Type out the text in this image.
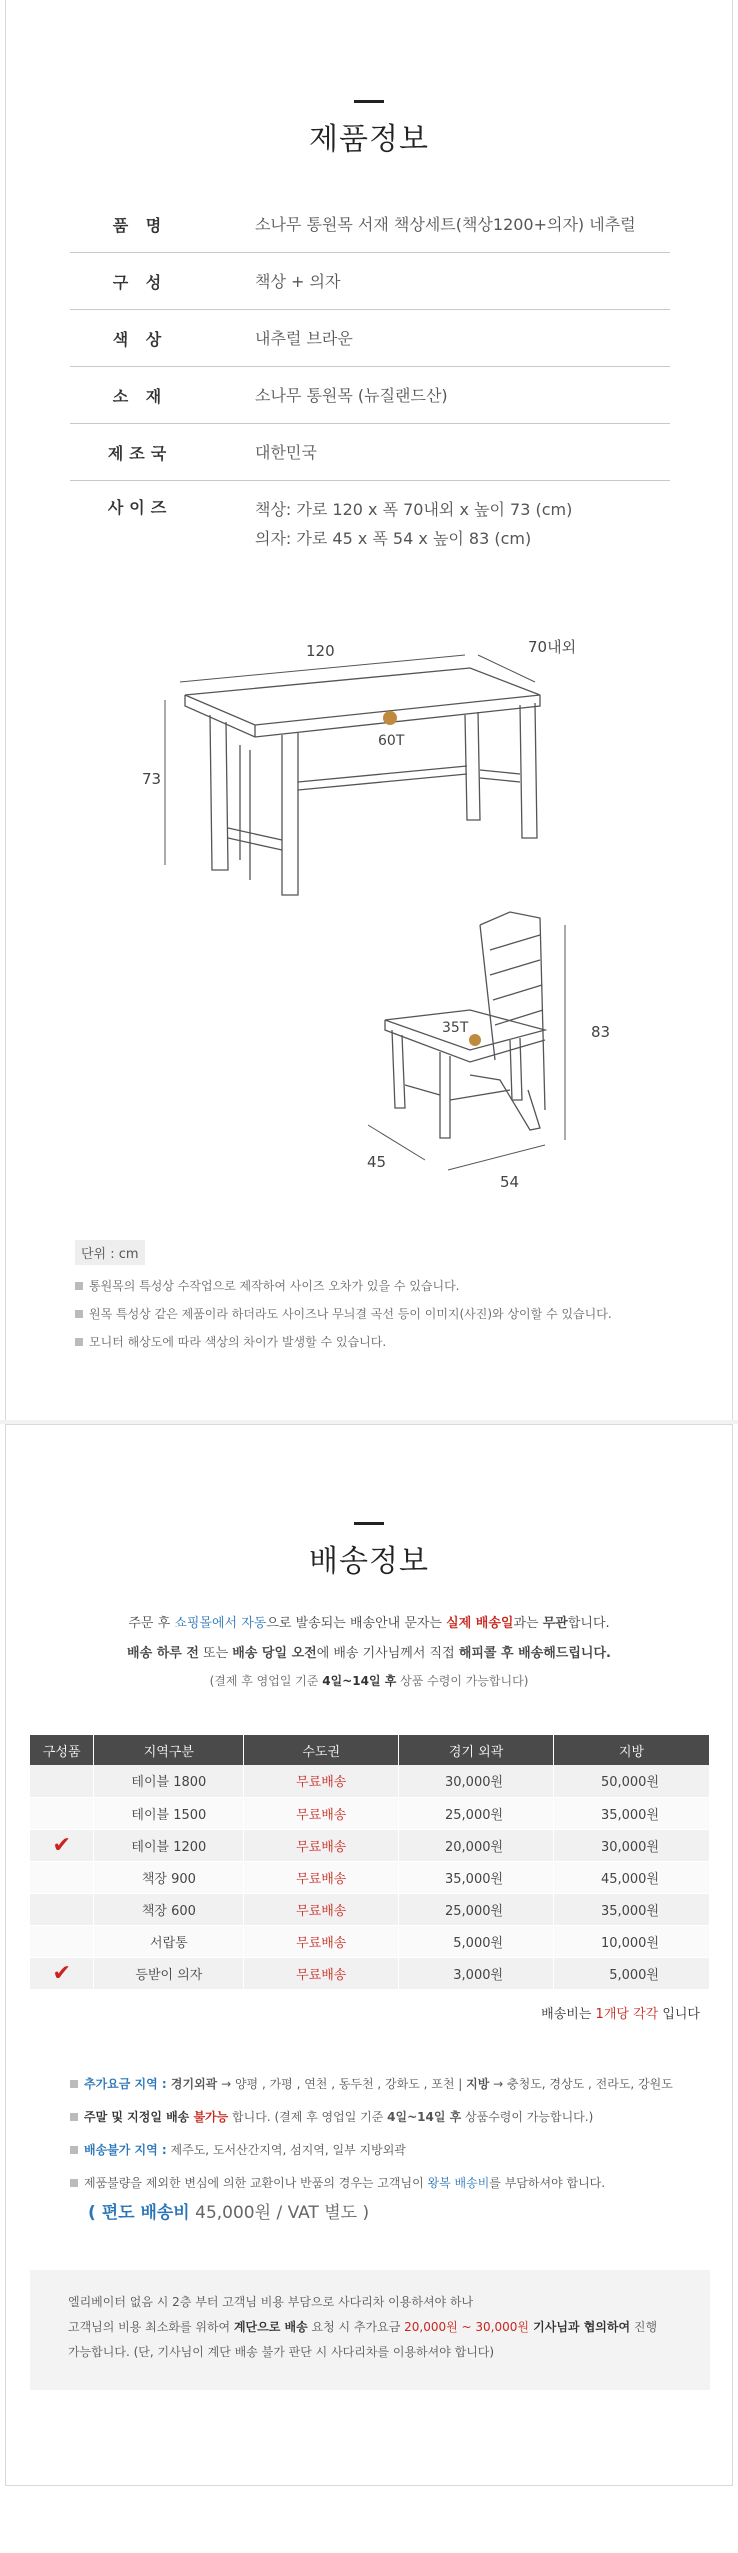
제품정보
품 명	소나무 통원목 서재 책상세트(책상1200+의자) 네추럴
구 성	책상 + 의자
색 상	내추럴 브라운
소 재	소나무 통원목 (뉴질랜드산)
제조국	대한민국
사이즈	책상: 가로 120 x 폭 70내외 x 높이 73 (cm)
의자: 가로 45 x 폭 54 x 높이 83 (cm)
120	70내외
73
60T
35T	83
45
54
단위 : cm
통원목의 특성상 수작업으로 제작하여 사이즈 오차가 있을 수 있습니다.
원목 특성상 같은 제품이라 하더라도 사이즈나 무늬결 곡선 등이 이미지(사진)와 상이할 수 있습니다.
모니터 해상도에 따라 색상의 차이가 발생할 수 있습니다.
배송정보
주문 후 쇼핑몰에서 자동으로 발송되는 배송안내 문자는 실제 배송일과는 무관합니다.
배송 하루 전 또는 배송 당일 오전에 배송 기사님께서 직접 해피콜 후 배송해드립니다.
(결제 후 영업일 기준 4일~14일 후 상품 수령이 가능합니다)
구성품	지역구분	수도권	경기 외곽	지방
	테이블 1800	무료배송	30,000원	50,000원
	테이블 1500	무료배송	25,000원	35,000원
✔	테이블 1200	무료배송	20,000원	30,000원
	책장 900	무료배송	35,000원	45,000원
	책장 600	무료배송	25,000원	35,000원
	서랍통	무료배송	5,000원	10,000원
✔	등받이 의자	무료배송	3,000원	5,000원
배송비는 1개당 각각 입니다
추가요금 지역 : 경기외곽 → 양평 , 가평 , 연천 , 동두천 , 강화도 , 포천 | 지방 → 충청도, 경상도 , 전라도, 강원도
주말 및 지정일 배송 불가능 합니다. (결제 후 영업일 기준 4일~14일 후 상품수령이 가능합니다.)
배송불가 지역 : 제주도, 도서산간지역, 섬지역, 일부 지방외곽
제품불량을 제외한 변심에 의한 교환이나 반품의 경우는 고객님이 왕복 배송비를 부담하셔야 합니다.
( 편도 배송비 45,000원 / VAT 별도 )
엘리베이터 없음 시 2층 부터 고객님 비용 부담으로 사다리차 이용하셔야 하나
고객님의 비용 최소화를 위하여 계단으로 배송 요청 시 추가요금 20,000원 ~ 30,000원 기사님과 협의하여 진행
가능합니다. (단, 기사님이 계단 배송 불가 판단 시 사다리차를 이용하셔야 합니다)
